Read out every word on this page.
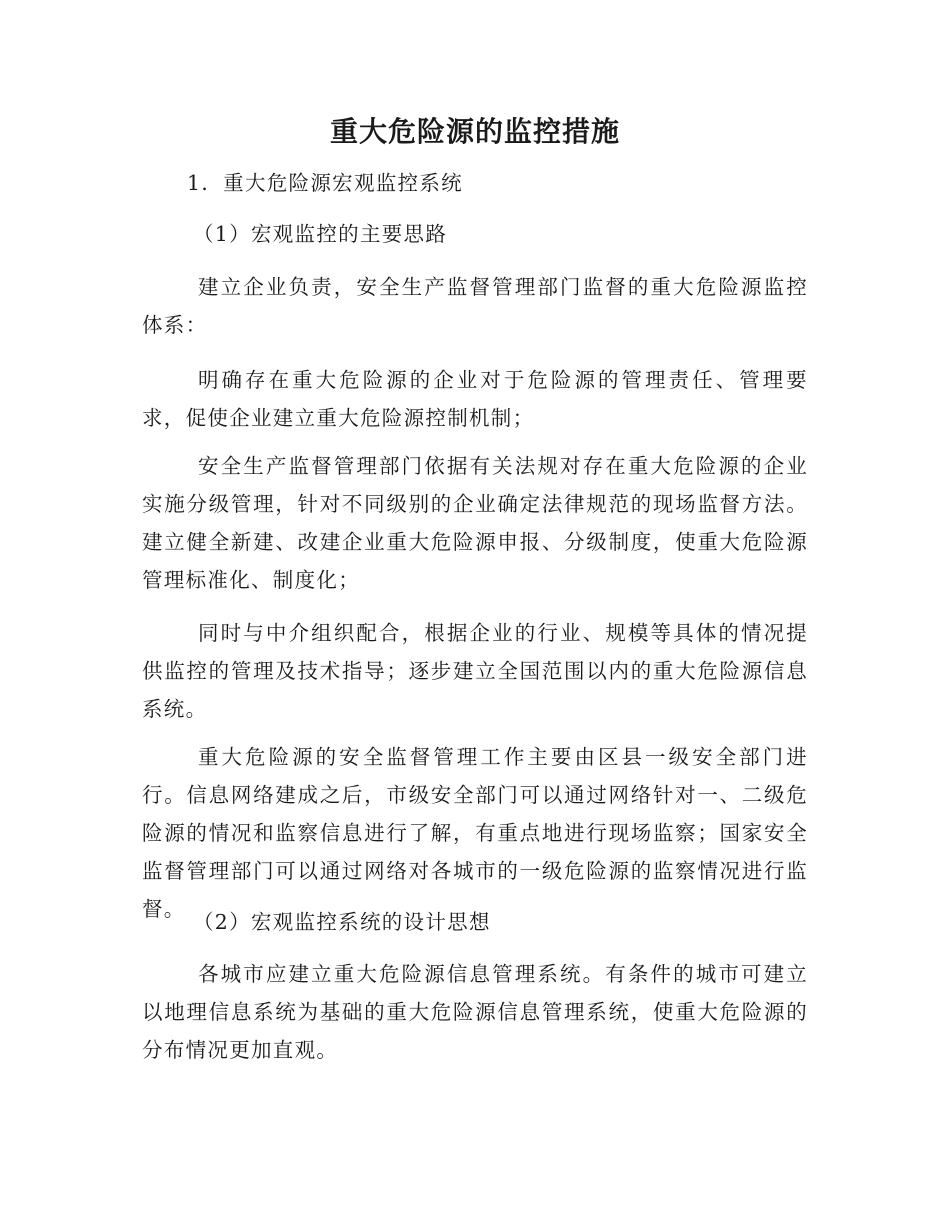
重大危险源的监控措施

1．重大危险源宏观监控系统

（1）宏观监控的主要思路

建立企业负责，安全生产监督管理部门监督的重大危险源监控体系：

明确存在重大危险源的企业对于危险源的管理责任、管理要求，促使企业建立重大危险源控制机制；

安全生产监督管理部门依据有关法规对存在重大危险源的企业实施分级管理，针对不同级别的企业确定法律规范的现场监督方法。建立健全新建、改建企业重大危险源申报、分级制度，使重大危险源管理标准化、制度化；

同时与中介组织配合，根据企业的行业、规模等具体的情况提供监控的管理及技术指导；逐步建立全国范围以内的重大危险源信息系统。

重大危险源的安全监督管理工作主要由区县一级安全部门进行。信息网络建成之后，市级安全部门可以通过网络针对一、二级危险源的情况和监察信息进行了解，有重点地进行现场监察；国家安全监督管理部门可以通过网络对各城市的一级危险源的监察情况进行监督。

（2）宏观监控系统的设计思想

各城市应建立重大危险源信息管理系统。有条件的城市可建立以地理信息系统为基础的重大危险源信息管理系统，使重大危险源的分布情况更加直观。
